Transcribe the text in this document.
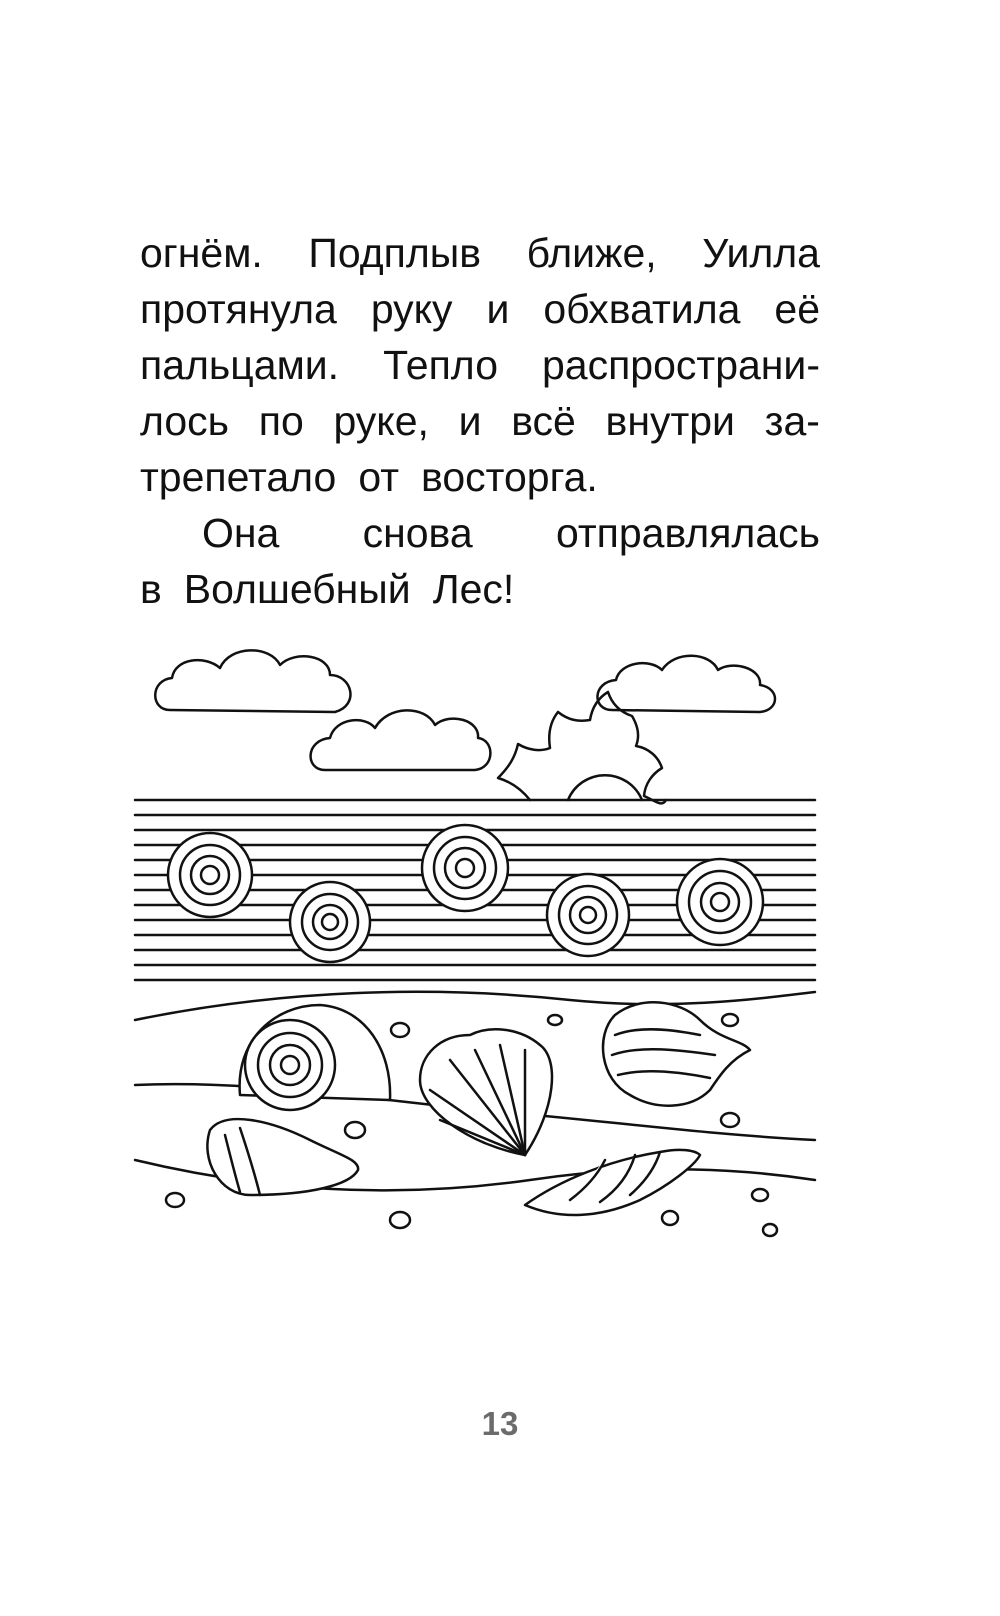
огнём. Подплыв ближе, Уилла
протянула руку и обхватила её
пальцами. Тепло распространи-
лось по руке, и всё внутри за-
трепетало от восторга.
Она снова отправлялась
в Волшебный Лес!
13
